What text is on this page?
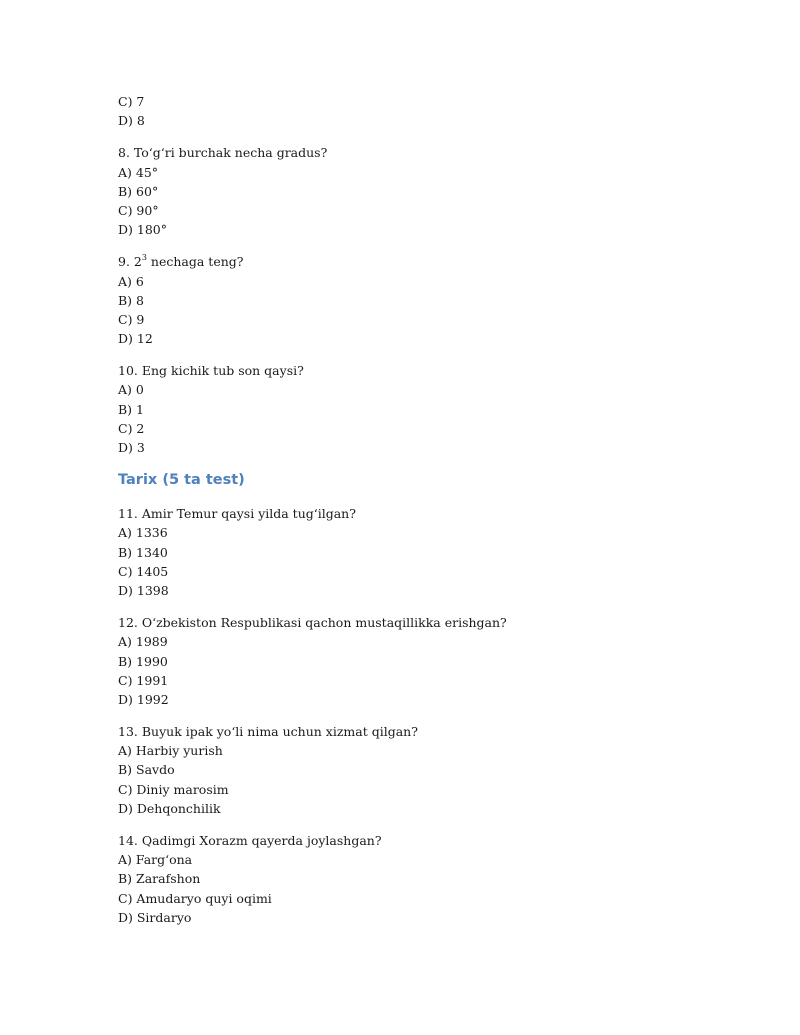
C) 7
D) 8
8. To‘g‘ri burchak necha gradus?
A) 45°
B) 60°
C) 90°
D) 180°
9. $2^3$ nechaga teng?
A) 6
B) 8
C) 9
D) 12
10. Eng kichik tub son qaysi?
A) 0
B) 1
C) 2
D) 3
Tarix (5 ta test)
11. Amir Temur qaysi yilda tug‘ilgan?
A) 1336
B) 1340
C) 1405
D) 1398
12. O‘zbekiston Respublikasi qachon mustaqillikka erishgan?
A) 1989
B) 1990
C) 1991
D) 1992
13. Buyuk ipak yo‘li nima uchun xizmat qilgan?
A) Harbiy yurish
B) Savdo
C) Diniy marosim
D) Dehqonchilik
14. Qadimgi Xorazm qayerda joylashgan?
A) Farg‘ona
B) Zarafshon
C) Amudaryo quyi oqimi
D) Sirdaryo
